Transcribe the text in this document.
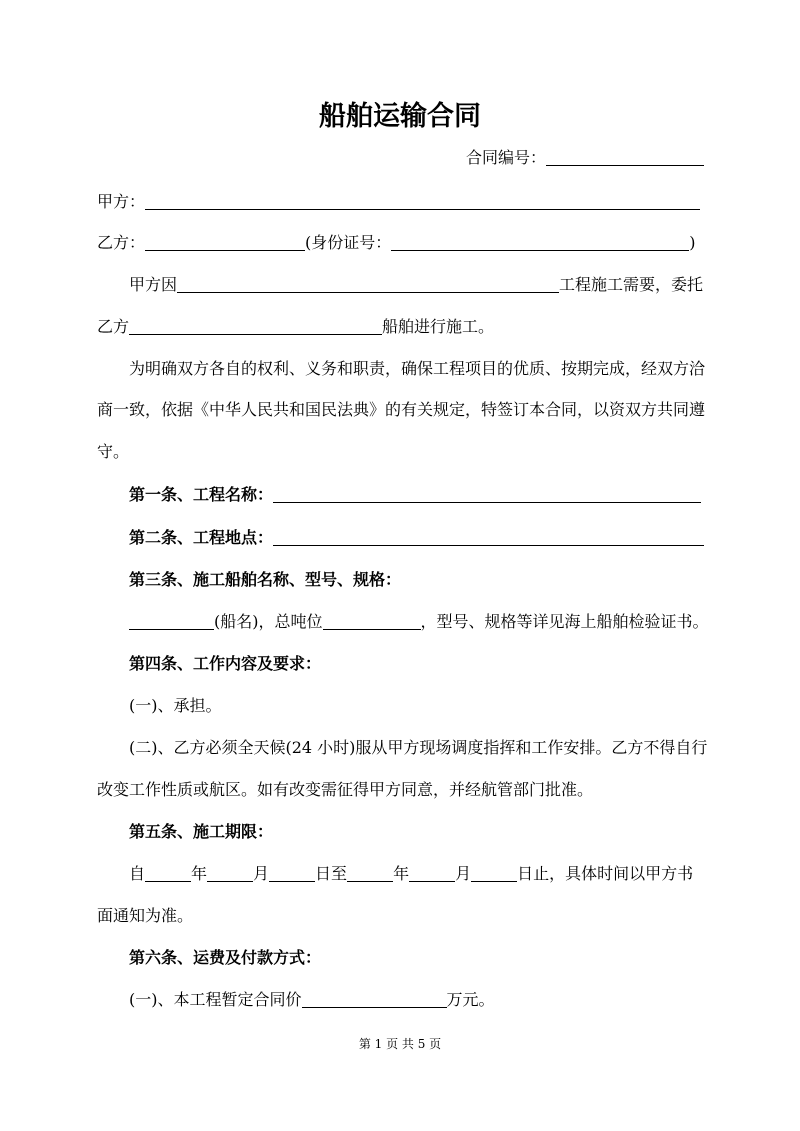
船舶运输合同
合同编号：
甲方：
乙方：	(身份证号：	)
甲方因	工程施工需要，委托
乙方	船舶进行施工。
为明确双方各自的权利、义务和职责，确保工程项目的优质、按期完成，经双方洽
商一致，依据《中华人民共和国民法典》的有关规定，特签订本合同，以资双方共同遵
守。
第一条、工程名称：
第二条、工程地点：
第三条、施工船舶名称、型号、规格：
(船名)，总吨位	，型号、规格等详见海上船舶检验证书。
第四条、工作内容及要求：
(一)、承担。
(二)、乙方必须全天候(24 小时)服从甲方现场调度指挥和工作安排。乙方不得自行
改变工作性质或航区。如有改变需征得甲方同意，并经航管部门批准。
第五条、施工期限：
自	年	月	日至	年	月	日止，具体时间以甲方书
面通知为准。
第六条、运费及付款方式：
(一)、本工程暂定合同价	万元。
第 1 页 共 5 页
